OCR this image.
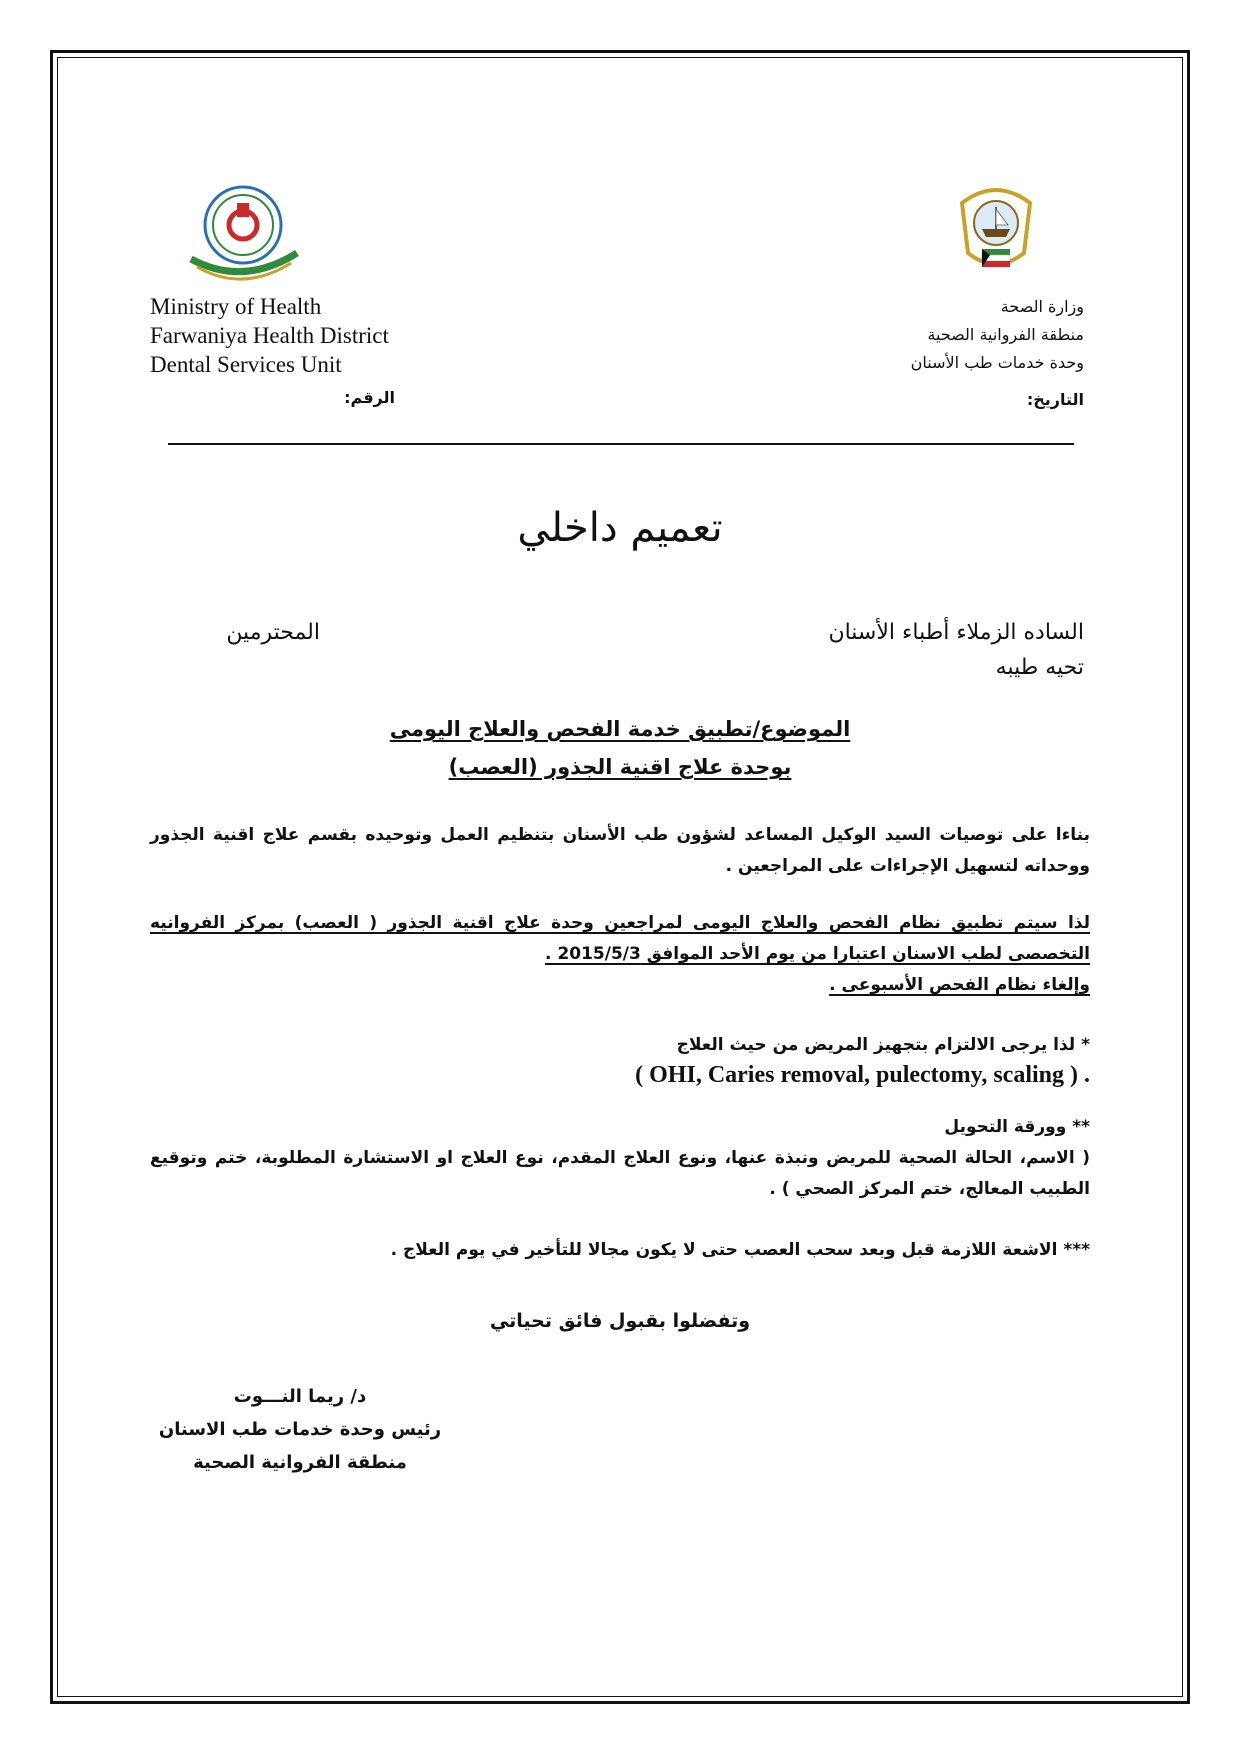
Ministry of Health
Farwaniya Health District
Dental Services Unit
وزارة الصحة
منطقة الفروانية الصحية
وحدة خدمات طب الأسنان
الرقم:	التاريخ:
تعميم داخلي
الساده الزملاء أطباء الأسنان
المحترمين
تحيه طيبه
الموضوع/تطبيق خدمة الفحص والعلاج اليومى
بوحدة علاج اقنية الجذور (العصب)
بناءا على توصيات السيد الوكيل المساعد لشؤون طب الأسنان بتنظيم العمل وتوحيده بقسم علاج اقنية الجذور ووحداته لتسهيل الإجراءات على المراجعين .
لذا سيتم تطبيق نظام الفحص والعلاج اليومى لمراجعين وحدة علاج اقنية الجذور ( العصب) بمركز الفروانيه التخصصى لطب الاسنان اعتبارا من يوم الأحد الموافق 2015/5/3 .
وإلغاء نظام الفحص الأسبوعى .
* لذا يرجى الالتزام بتجهيز المريض من حيث العلاج
. ( OHI, Caries removal, pulectomy, scaling )
** وورقة التحويل
( الاسم، الحالة الصحية للمريض ونبذة عنها، ونوع العلاج المقدم، نوع العلاج او الاستشارة المطلوبة، ختم وتوقيع الطبيب المعالج، ختم المركز الصحي ) .
*** الاشعة اللازمة قبل وبعد سحب العصب حتى لا يكون مجالا للتأخير في يوم العلاج .
وتفضلوا بقبول فائق تحياتي
د/ ريما النـــوت
رئيس وحدة خدمات طب الاسنان
منطقة الفروانية الصحية
